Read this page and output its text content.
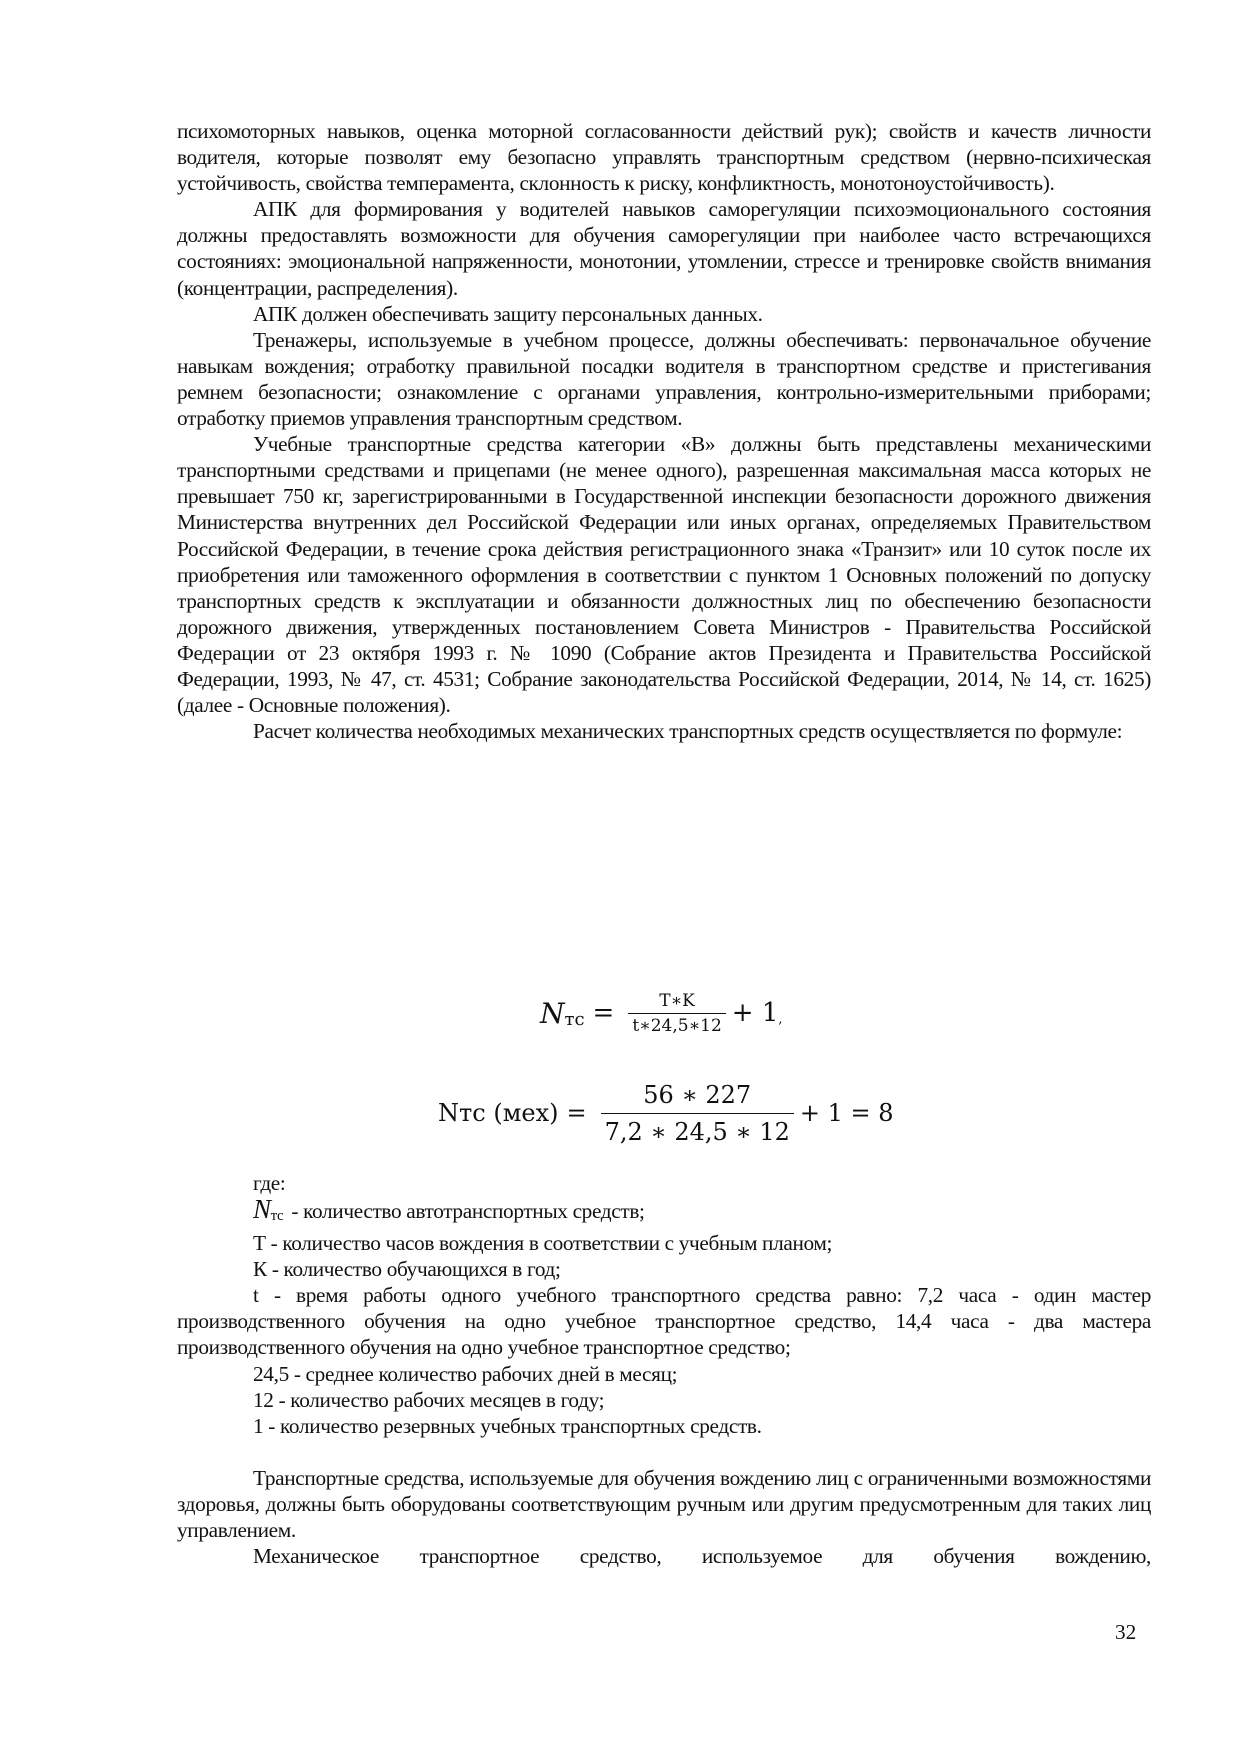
психомоторных навыков, оценка моторной согласованности действий рук); свойств и качеств личности водителя, которые позволят ему безопасно управлять транспортным средством (нервно-психическая устойчивость, свойства темперамента, склонность к риску, конфликтность, монотоноустойчивость).

АПК для формирования у водителей навыков саморегуляции психоэмоционального состояния должны предоставлять возможности для обучения саморегуляции при наиболее часто встречающихся состояниях: эмоциональной напряженности, монотонии, утомлении, стрессе и тренировке свойств внимания (концентрации, распределения).

АПК должен обеспечивать защиту персональных данных.

Тренажеры, используемые в учебном процессе, должны обеспечивать: первоначальное обучение навыкам вождения; отработку правильной посадки водителя в транспортном средстве и пристегивания ремнем безопасности; ознакомление с органами управления, контрольно-измерительными приборами; отработку приемов управления транспортным средством.

Учебные транспортные средства категории «В» должны быть представлены механическими транспортными средствами и прицепами (не менее одного), разрешенная максимальная масса которых не превышает 750 кг, зарегистрированными в Государственной инспекции безопасности дорожного движения Министерства внутренних дел Российской Федерации или иных органах, определяемых Правительством Российской Федерации, в течение срока действия регистрационного знака «Транзит» или 10 суток после их приобретения или таможенного оформления в соответствии с пунктом 1 Основных положений по допуску транспортных средств к эксплуатации и обязанности должностных лиц по обеспечению безопасности дорожного движения, утвержденных постановлением Совета Министров - Правительства Российской Федерации от 23 октября 1993 г. № 1090 (Собрание актов Президента и Правительства Российской Федерации, 1993, № 47, ст. 4531; Собрание законодательства Российской Федерации, 2014, № 14, ст. 1625) (далее - Основные положения).

Расчет количества необходимых механических транспортных средств осуществляется по формуле:

N тс = $\frac{T∗K}{t∗24,5∗12} + 1$ ,
Nтс $(мех) = \frac{56 ∗ 227}{7,2 ∗ 24,5 ∗ 12} + 1 = 8$

где:

Nтс - количество автотранспортных средств;

Т - количество часов вождения в соответствии с учебным планом;

К - количество обучающихся в год;

t - время работы одного учебного транспортного средства равно: 7,2 часа - один мастер производственного обучения на одно учебное транспортное средство, 14,4 часа - два мастера производственного обучения на одно учебное транспортное средство;

24,5 - среднее количество рабочих дней в месяц;

12 - количество рабочих месяцев в году;

1 - количество резервных учебных транспортных средств.

Транспортные средства, используемые для обучения вождению лиц с ограниченными возможностями здоровья, должны быть оборудованы соответствующим ручным или другим предусмотренным для таких лиц управлением.

Механическое транспортное средство, используемое для обучения вождению,

32
